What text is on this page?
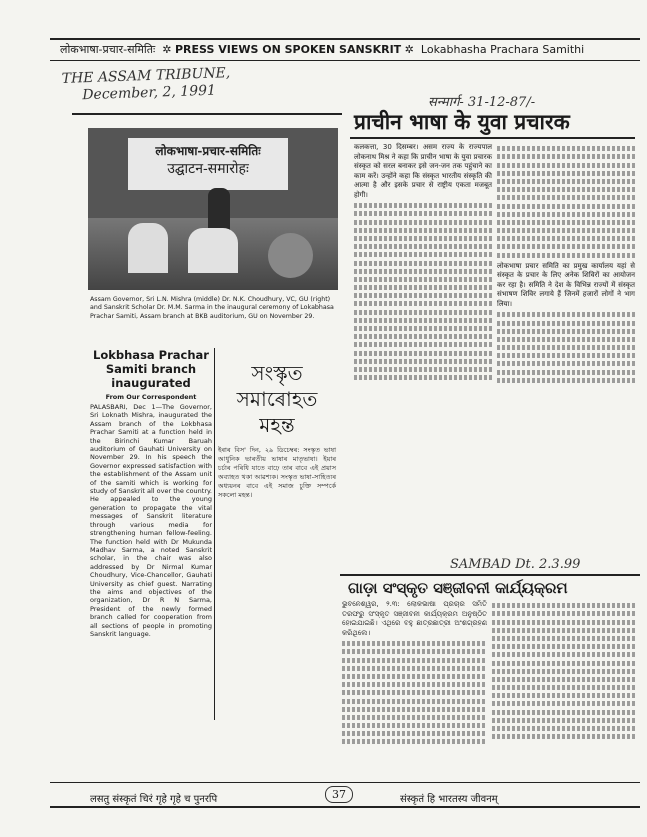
लोकभाषा-प्रचार-समितिः  ✲ PRESS VIEWS ON SPOKEN SANSKRIT ✲  Lokabhasha Prachara Samithi
THE ASSAM TRIBUNE,
December, 2, 1991
लोकभाषा-प्रचार-समितिः
उद्घाटन-समारोहः
Assam Governor, Sri L.N. Mishra (middle) Dr. N.K. Choudhury, VC, GU (right) and Sanskrit Scholar Dr. M.M. Sarma in the inaugural ceremony of Lokabhasa Prachar Samiti, Assam branch at BKB auditorium, GU on November 29.
Lokbhasa Prachar Samiti branch inaugurated
From Our Correspondent
PALASBARI, Dec 1—The Governor, Sri Loknath Mishra, inaugurated the Assam branch of the Lokbhasa Prachar Samiti at a function held in the Birinchi Kumar Baruah auditorium of Gauhati University on November 29. In his speech the Governor expressed satisfaction with the establishment of the Assam unit of the samiti which is working for study of Sanskrit all over the country. He appealed to the young generation to propagate the vital messages of Sanskrit literature through various media for strengthening human fellow-feeling. The function held with Dr Mukunda Madhav Sarma, a noted Sanskrit scholar, in the chair was also addressed by Dr Nirmal Kumar Choudhury, Vice-Chancellor, Gauhati University as chief guest. Narrating the aims and objectives of the organization, Dr R N Sarma, President of the newly formed branch called for cooperation from all sections of people in promoting Sanskrit language.
সংস্কৃত
সমাৰোহত
মহন্ত
ইৰাৰ বিস' দিন, ২৯ ডিচেম্বৰ: সংস্কৃত ভাষা আধুনিক ভাৰতীয় ভাষাৰ মাতৃভাষা। ইয়াৰ চৰ্চাৰ পৰিধি যাতে বাঢ়ে তাৰ বাবে এই প্ৰয়াস অব্যাহত থকা আৱশ্যক। সংস্কৃত ভাষা-সাহিত্যৰ অধ্যয়নৰ বাবে এই সমাজ চুক্তি সম্পৰ্কে সকলো মহন্ত।
सन्मार्ग- 31-12-87/-
प्राचीन भाषा के युवा प्रचारक
कलकत्ता, 30 दिसम्बर। असम राज्य के राज्यपाल लोकनाथ मिश्र ने कहा कि प्राचीन भाषा के युवा प्रचारक संस्कृत को सरल बनाकर इसे जन-जन तक पहुंचाने का काम करें। उन्होंने कहा कि संस्कृत भारतीय संस्कृति की आत्मा है और इसके प्रचार से राष्ट्रीय एकता मजबूत होगी।
लोकभाषा प्रचार समिति का प्रमुख कार्यालय यहां से संस्कृत के प्रचार के लिए अनेक शिविरों का आयोजन कर रहा है। समिति ने देश के विभिन्न राज्यों में संस्कृत संभाषण शिविर लगाये हैं जिनमें हजारों लोगों ने भाग लिया।
SAMBAD Dt. 2.3.99
ଗାଡ଼ା ସଂସ୍କୃତ ସଞ୍ଜୀବନୀ କାର୍ଯ୍ୟକ୍ରମ
ଭୁବନେଶ୍ୱର, ୨.୩: ଲୋକଭାଷା ପ୍ରଚାର ସମିତି ତରଫରୁ ସଂସ୍କୃତ ସଞ୍ଜୀବନୀ କାର୍ଯ୍ୟକ୍ରମ ଅନୁଷ୍ଠିତ ହୋଇଯାଇଛି। ଏଥିରେ ବହୁ ଛାତ୍ରଛାତ୍ରୀ ଅଂଶଗ୍ରହଣ କରିଥିଲେ।
लसतु संस्कृतं चिरं गृहे गृहे च पुनरपि	37	संस्कृतं हि भारतस्य जीवनम्
